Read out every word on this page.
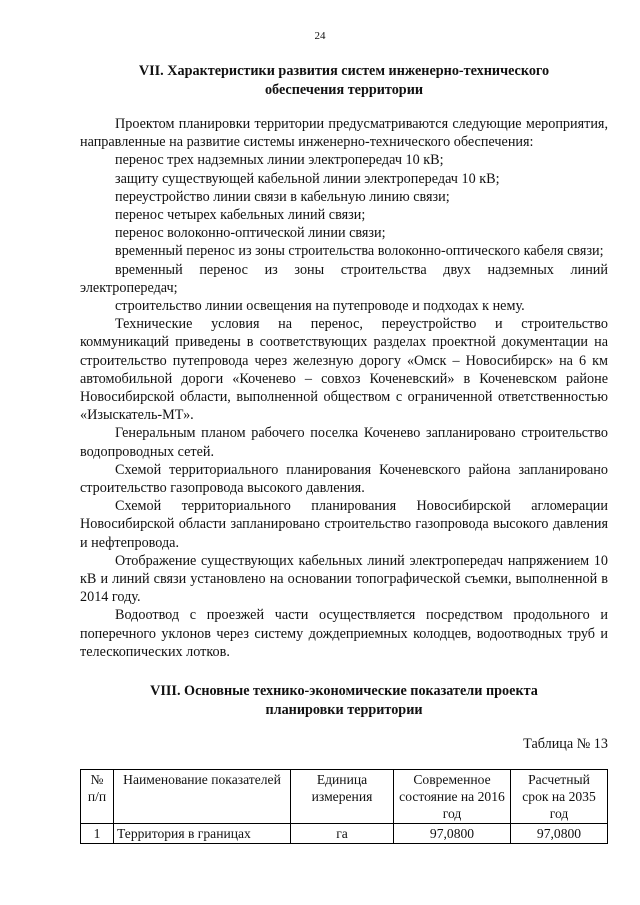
24
VII. Характеристики развития систем инженерно-технического
обеспечения территории

Проектом планировки территории предусматриваются следующие мероприятия, направленные на развитие системы инженерно-технического обеспечения:

перенос трех надземных линии электропередач 10 кВ;

защиту существующей кабельной линии электропередач 10 кВ;

переустройство линии связи в кабельную линию связи;

перенос четырех кабельных линий связи;

перенос волоконно-оптической линии связи;

временный перенос из зоны строительства волоконно-оптического кабеля связи;

временный перенос из зоны строительства двух надземных линий электропередач;

строительство линии освещения на путепроводе и подходах к нему.

Технические условия на перенос, переустройство и строительство коммуникаций приведены в соответствующих разделах проектной документации на строительство путепровода через железную дорогу «Омск – Новосибирск» на 6 км автомобильной дороги «Коченево – совхоз Коченевский» в Коченевском районе Новосибирской области, выполненной обществом с ограниченной ответственностью «Изыскатель-МТ».

Генеральным планом рабочего поселка Коченево запланировано строительство водопроводных сетей.

Схемой территориального планирования Коченевского района запланировано строительство газопровода высокого давления.

Схемой территориального планирования Новосибирской агломерации Новосибирской области запланировано строительство газопровода высокого давления и нефтепровода.

Отображение существующих кабельных линий электропередач напряжением 10 кВ и линий связи установлено на основании топографической съемки, выполненной в 2014 году.

Водоотвод с проезжей части осуществляется посредством продольного и поперечного уклонов через систему дождеприемных колодцев, водоотводных труб и телескопических лотков.

VIII. Основные технико-экономические показатели проекта
планировки территории
Таблица № 13
№ п/п	Наименование показателей	Единица измерения	Современное состояние на 2016 год	Расчетный срок на 2035 год
1	Территория в границах	га	97,0800	97,0800
